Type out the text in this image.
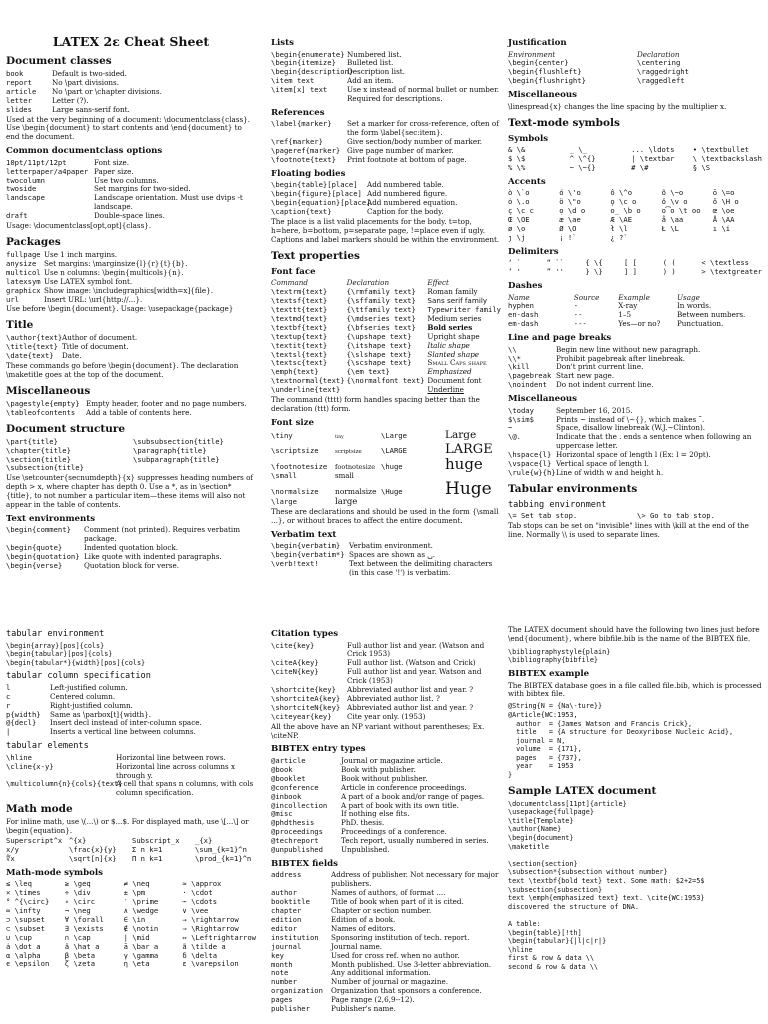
LATEX 2ε Cheat Sheet
Document classes
book	Default is two-sided.
report	No \part divisions.
article	No \part or \chapter divisions.
letter	Letter (?).
slides	Large sans-serif font.
Used at the very beginning of a document: \documentclass{class}. Use \begin{document} to start contents and \end{document} to end the document.
Common documentclass options
10pt/11pt/12pt	Font size.
letterpaper/a4paper Paper size.
twocolumn	Use two columns.
twoside	Set margins for two-sided.
landscape	Landscape orientation. Must use dvips -t landscape.
draft	Double-space lines.
Usage: \documentclass[opt,opt]{class}.
Packages
fullpage Use 1 inch margins.
anysize	Set margins: \marginsize{l}{r}{t}{b}.
multicol Use n columns: \begin{multicols}{n}.
latexsym Use LATEX symbol font.
graphicx Show image: \includegraphics[width=x]{file}.
url	Insert URL: \url{http://...}.
Use before \begin{document}. Usage: \usepackage{package}
Title
\author{text} Author of document.
\title{text} Title of document.
\date{text}	Date.
These commands go before \begin{document}. The declaration \maketitle goes at the top of the document.
Miscellaneous
\pagestyle{empty} Empty header, footer and no page numbers.
\tableofcontents	Add a table of contents here.
Document structure
\part{title}	\subsubsection{title}
\chapter{title}	\paragraph{title}
\section{title}	\subparagraph{title}
\subsection{title}
Use \setcounter{secnumdepth}{x} suppresses heading numbers of depth > x, where chapter has depth 0. Use a *, as in \section*{title}, to not number a particular item—these items will also not appear in the table of contents.
Text environments
\begin{comment}	Comment (not printed). Requires verbatim package.
\begin{quote}	Indented quotation block.
\begin{quotation} Like quote with indented paragraphs.
\begin{verse}	Quotation block for verse.
Lists
\begin{enumerate} Numbered list.
\begin{itemize}	Bulleted list.
\begin{description}
Description list.
\item text	Add an item.
\item[x] text	Use x instead of normal bullet or number. Required for descriptions.
References
\label{marker}	Set a marker for cross-reference, often of the form \label{sec:item}.
\ref{marker}	Give section/body number of marker.
\pageref{marker} Give page number of marker.
\footnote{text}	Print footnote at bottom of page.
Floating bodies
\begin{table}[place]	Add numbered table.
\begin{figure}[place] Add numbered figure.
\begin{equation}[place]
Add numbered equation.
\caption{text}	Caption for the body.
The place is a list valid placements for the body. t=top, h=here, b=bottom, p=separate page, !=place even if ugly. Captions and label markers should be within the environment.
Text properties
Font face
Command	Declaration	Effect
\textrm{text}	{\rmfamily text}	Roman family
\textsf{text}	{\sffamily text}	Sans serif family
\texttt{text}	{\ttfamily text}	Typewriter family
\textmd{text}	{\mdseries text}	Medium series
\textbf{text}	{\bfseries text}	Bold series
\textup{text}	{\upshape text}	Upright shape
\textit{text}	{\itshape text}	Italic shape
\textsl{text}	{\slshape text}	Slanted shape
\textsc{text}	{\scshape text}	Small Caps shape
\emph{text}	{\em text}	Emphasized
\textnormal{text} {\normalfont text} Document font
\underline{text}	Underline
The command (tttt) form handles spacing better than the declaration (ttt) form.
Font size
\tiny	tiny	\Large	Large
\scriptsize	scriptsize	\LARGE	LARGE
\footnotesize	footnotesize \huge	huge
\small	small
\normalsize	normalsize \Huge	Huge
\large	large
These are declarations and should be used in the form {\small ...}, or without braces to affect the entire document.
Verbatim text
\begin{verbatim}	Verbatim environment.
\begin{verbatim*} Spaces are shown as ␣.
\verb!text!	Text between the delimiting characters (in this case '!') is verbatim.
Justification
Environment	Declaration
\begin{center}	\centering
\begin{flushleft}	\raggedright
\begin{flushright}	\raggedleft
Miscellaneous
\linespread{x} changes the line spacing by the multiplier x.
Text-mode symbols
Symbols
& \&	_ \_	... \ldots	• \textbullet
$ \$	^ \^{}	| \textbar	\ \textbackslash
% \%	~ \~{}	# \#	§ \S
Accents
ò \`o	ó \'o	ô \^o	õ \~o	ō \=o
ȯ \.o	ö \"o	o̧ \c o	ǒ \v o	ő \H o
ç \c c	ọ \d o	o̲ \b o	o͡o \t oo	œ \oe
Œ \OE	æ \ae	Æ \AE	å \aa	Å \AA
ø \o	Ø \O	ł \l	Ł \L	ı \i
ȷ \j	¡ !`	¿ ?`
Delimiters
‘ `	“ ``	{ \{	[ [	( (	< \textless
’ '	” ''	} \}	] ]	) )	> \textgreater
Dashes
Name	Source	Example	Usage
hyphen	-	X-ray	In words.
en-dash	--	1–5	Between numbers.
em-dash	---	Yes—or no?	Punctuation.
Line and page breaks
\\	Begin new line without new paragraph.
\\*	Prohibit pagebreak after linebreak.
\kill	Don't print current line.
\pagebreak Start new page.
\noindent	Do not indent current line.
Miscellaneous
\today	September 16, 2015.
$\sim$	Prints ~ instead of \~{}, which makes ˜.
~	Space, disallow linebreak (W.J.~Clinton).
\@.	Indicate that the . ends a sentence when following an uppercase letter.
\hspace{l} Horizontal space of length l (Ex: l = 20pt).
\vspace{l} Vertical space of length l.
\rule{w}{h} Line of width w and height h.
Tabular environments
tabbing environment
\= Set tab stop.	\> Go to tab stop.
Tab stops can be set on "invisible" lines with \kill at the end of the line. Normally \\ is used to separate lines.
tabular environment
\begin{array}[pos]{cols}
\begin{tabular}[pos]{cols}
\begin{tabular*}{width}[pos]{cols}
tabular column specification
l	Left-justified column.
c	Centered column.
r	Right-justified column.
p{width}	Same as \parbox[t]{width}.
@{decl}	Insert decl instead of inter-column space.
|	Inserts a vertical line between columns.
tabular elements
\hline	Horizontal line between rows.
\cline{x-y}	Horizontal line across columns x through y.
\multicolumn{n}{cols}{text}
A cell that spans n columns, with cols column specification.
Math mode
For inline math, use \(...\) or $...$. For displayed math, use \[...\] or \begin{equation}.
Superscript^x ^{x}	Subscript_x	_{x}
x/y	\frac{x}{y}	Σ n k=1	\sum_{k=1}^n
∜x	\sqrt[n]{x}	Π n k=1	\prod_{k=1}^n
Math-mode symbols
≤ \leq	≥ \geq	≠ \neq	≈ \approx
× \times	÷ \div	± \pm	· \cdot
° ^{\circ}	∘ \circ	′ \prime	⋯ \cdots
∞ \infty	¬ \neg	∧ \wedge	∨ \vee
⊃ \supset	∀ \forall	∈ \in	→ \rightarrow
⊂ \subset	∃ \exists	∉ \notin	⇒ \Rightarrow
∪ \cup	∩ \cap	| \mid	⇔ \Leftrightarrow
ȧ \dot a	â \hat a	ā \bar a	ã \tilde a
α \alpha	β \beta	γ \gamma	δ \delta
ϵ \epsilon	ζ \zeta	η \eta	ε \varepsilon
Citation types
\cite{key}	Full author list and year. (Watson and Crick 1953)
\citeA{key}	Full author list. (Watson and Crick)
\citeN{key}	Full author list and year. Watson and Crick (1953)
\shortcite{key}	Abbreviated author list and year. ?
\shortciteA{key} Abbreviated author list. ?
\shortciteN{key} Abbreviated author list and year. ?
\citeyear{key}	Cite year only. (1953)
All the above have an NP variant without parentheses; Ex. \citeNP.
BIBTEX entry types
@article	Journal or magazine article.
@book	Book with publisher.
@booklet	Book without publisher.
@conference	Article in conference proceedings.
@inbook	A part of a book and/or range of pages.
@incollection	A part of book with its own title.
@misc	If nothing else fits.
@phdthesis	PhD. thesis.
@proceedings	Proceedings of a conference.
@techreport	Tech report, usually numbered in series.
@unpublished	Unpublished.
BIBTEX fields
address	Address of publisher. Not necessary for major publishers.
author	Names of authors, of format ....
booktitle	Title of book when part of it is cited.
chapter	Chapter or section number.
edition	Edition of a book.
editor	Names of editors.
institution	Sponsoring institution of tech. report.
journal	Journal name.
key	Used for cross ref. when no author.
month	Month published. Use 3-letter abbreviation.
note	Any additional information.
number	Number of journal or magazine.
organization	Organization that sponsors a conference.
pages	Page range (2,6,9--12).
publisher	Publisher's name.
The LATEX document should have the following two lines just before \end{document}, where bibfile.bib is the name of the BIBTEX file.
\bibliographystyle{plain}
\bibliography{bibfile}
BIBTEX example
The BIBTEX database goes in a file called file.bib, which is processed with bibtex file.
@String{N = {Na\-ture}}
@Article{WC:1953,
author  = {James Watson and Francis Crick},
title   = {A structure for Deoxyribose Nucleic Acid},
journal = N,
volume  = {171},
pages   = {737},
year    = 1953
}
Sample LATEX document
\documentclass[11pt]{article}
\usepackage{fullpage}
\title{Template}
\author{Name}
\begin{document}
\maketitle

\section{section}
\subsection*{subsection without number}
text \textbf{bold text} text. Some math: $2+2=5$
\subsection{subsection}
text \emph{emphasized text} text. \cite{WC:1953}
discovered the structure of DNA.

A table:
\begin{table}[!th]
\begin{tabular}{|l|c|r|}
\hline
first & row & data \\
second & row & data \\
